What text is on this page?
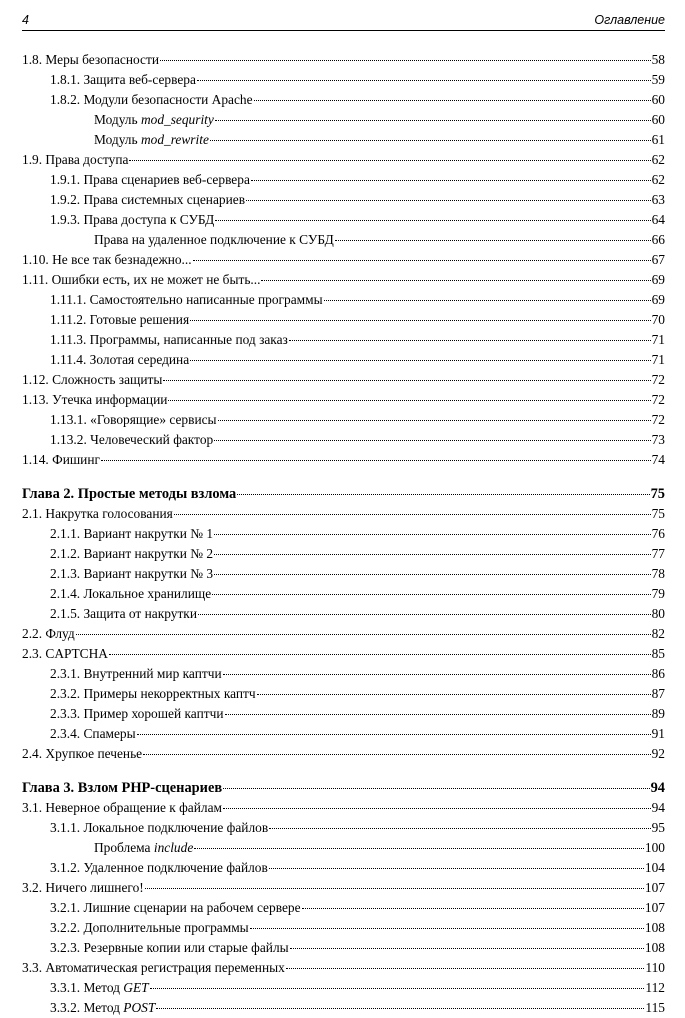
4	Оглавление
1.8. Меры безопасности	58
1.8.1. Защита веб-сервера	59
1.8.2. Модули безопасности Apache	60
Модуль mod_sequrity	60
Модуль mod_rewrite	61
1.9. Права доступа	62
1.9.1. Права сценариев веб-сервера	62
1.9.2. Права системных сценариев	63
1.9.3. Права доступа к СУБД	64
Права на удаленное подключение к СУБД	66
1.10. Не все так безнадежно...	67
1.11. Ошибки есть, их не может не быть...	69
1.11.1. Самостоятельно написанные программы	69
1.11.2. Готовые решения	70
1.11.3. Программы, написанные под заказ	71
1.11.4. Золотая середина	71
1.12. Сложность защиты	72
1.13. Утечка информации	72
1.13.1. «Говорящие» сервисы	72
1.13.2. Человеческий фактор	73
1.14. Фишинг	74
Глава 2. Простые методы взлома	75
2.1. Накрутка голосования	75
2.1.1. Вариант накрутки № 1	76
2.1.2. Вариант накрутки № 2	77
2.1.3. Вариант накрутки № 3	78
2.1.4. Локальное хранилище	79
2.1.5. Защита от накрутки	80
2.2. Флуд	82
2.3. CAPTCHA	85
2.3.1. Внутренний мир каптчи	86
2.3.2. Примеры некорректных каптч	87
2.3.3. Пример хорошей каптчи	89
2.3.4. Спамеры	91
2.4. Хрупкое печенье	92
Глава 3. Взлом PHP-сценариев	94
3.1. Неверное обращение к файлам	94
3.1.1. Локальное подключение файлов	95
Проблема include	100
3.1.2. Удаленное подключение файлов	104
3.2. Ничего лишнего!	107
3.2.1. Лишние сценарии на рабочем сервере	107
3.2.2. Дополнительные программы	108
3.2.3. Резервные копии или старые файлы	108
3.3. Автоматическая регистрация переменных	110
3.3.1. Метод GET	112
3.3.2. Метод POST	115
